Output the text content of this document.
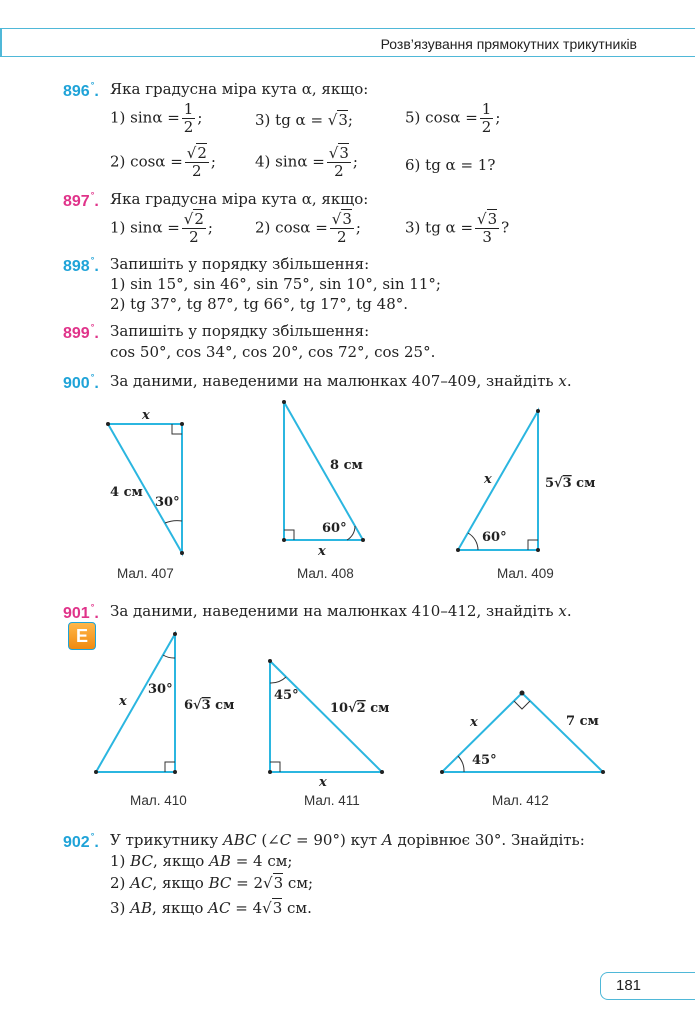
Розв’язування прямокутних трикутників
896°. Яка градусна міра кута α, якщо:
1) $\sin\alpha = \frac{1}{2}$ ;	3) tg α = √3;	5) $\cos\alpha = \frac{1}{2}$ ;
2) $\cos\alpha = \frac{√2}{2}$ ;	4) $\sin\alpha = \frac{√3}{2}$ ;	6) tg α = 1?
897°. Яка градусна міра кута α, якщо:
1) $\sin\alpha = \frac{√2}{2}$ ;	2) $\cos\alpha = \frac{√3}{2}$ ;	3) tg $\alpha = \frac{√3}{3}$ ?
898°. Запишіть у порядку збільшення:
1) sin 15°, sin 46°, sin 75°, sin 10°, sin 11°;
2) tg 37°, tg 87°, tg 66°, tg 17°, tg 48°.
899°. Запишіть у порядку збільшення:
cos 50°, cos 34°, cos 20°, cos 72°, cos 25°.
900°. За даними, наведеними на малюнках 407–409, знайдіть x.
x
4 см
30°
8 см
60°
x
x	5√3 см
60°
Мал. 407	Мал. 408	Мал. 409
901°. За даними, наведеними на малюнках 410–412, знайдіть x.
E
x
30°
6√3 см
45°
10√2 см
x
x	7 см
45°
Мал. 410	Мал. 411	Мал. 412
902°. У трикутнику ABC (∠C = 90°) кут A дорівнює 30°. Знайдіть:
1) BC, якщо AB = 4 см;
2) AC, якщо BC = 2√3 см;
3) AB, якщо AC = 4√3 см.
181
